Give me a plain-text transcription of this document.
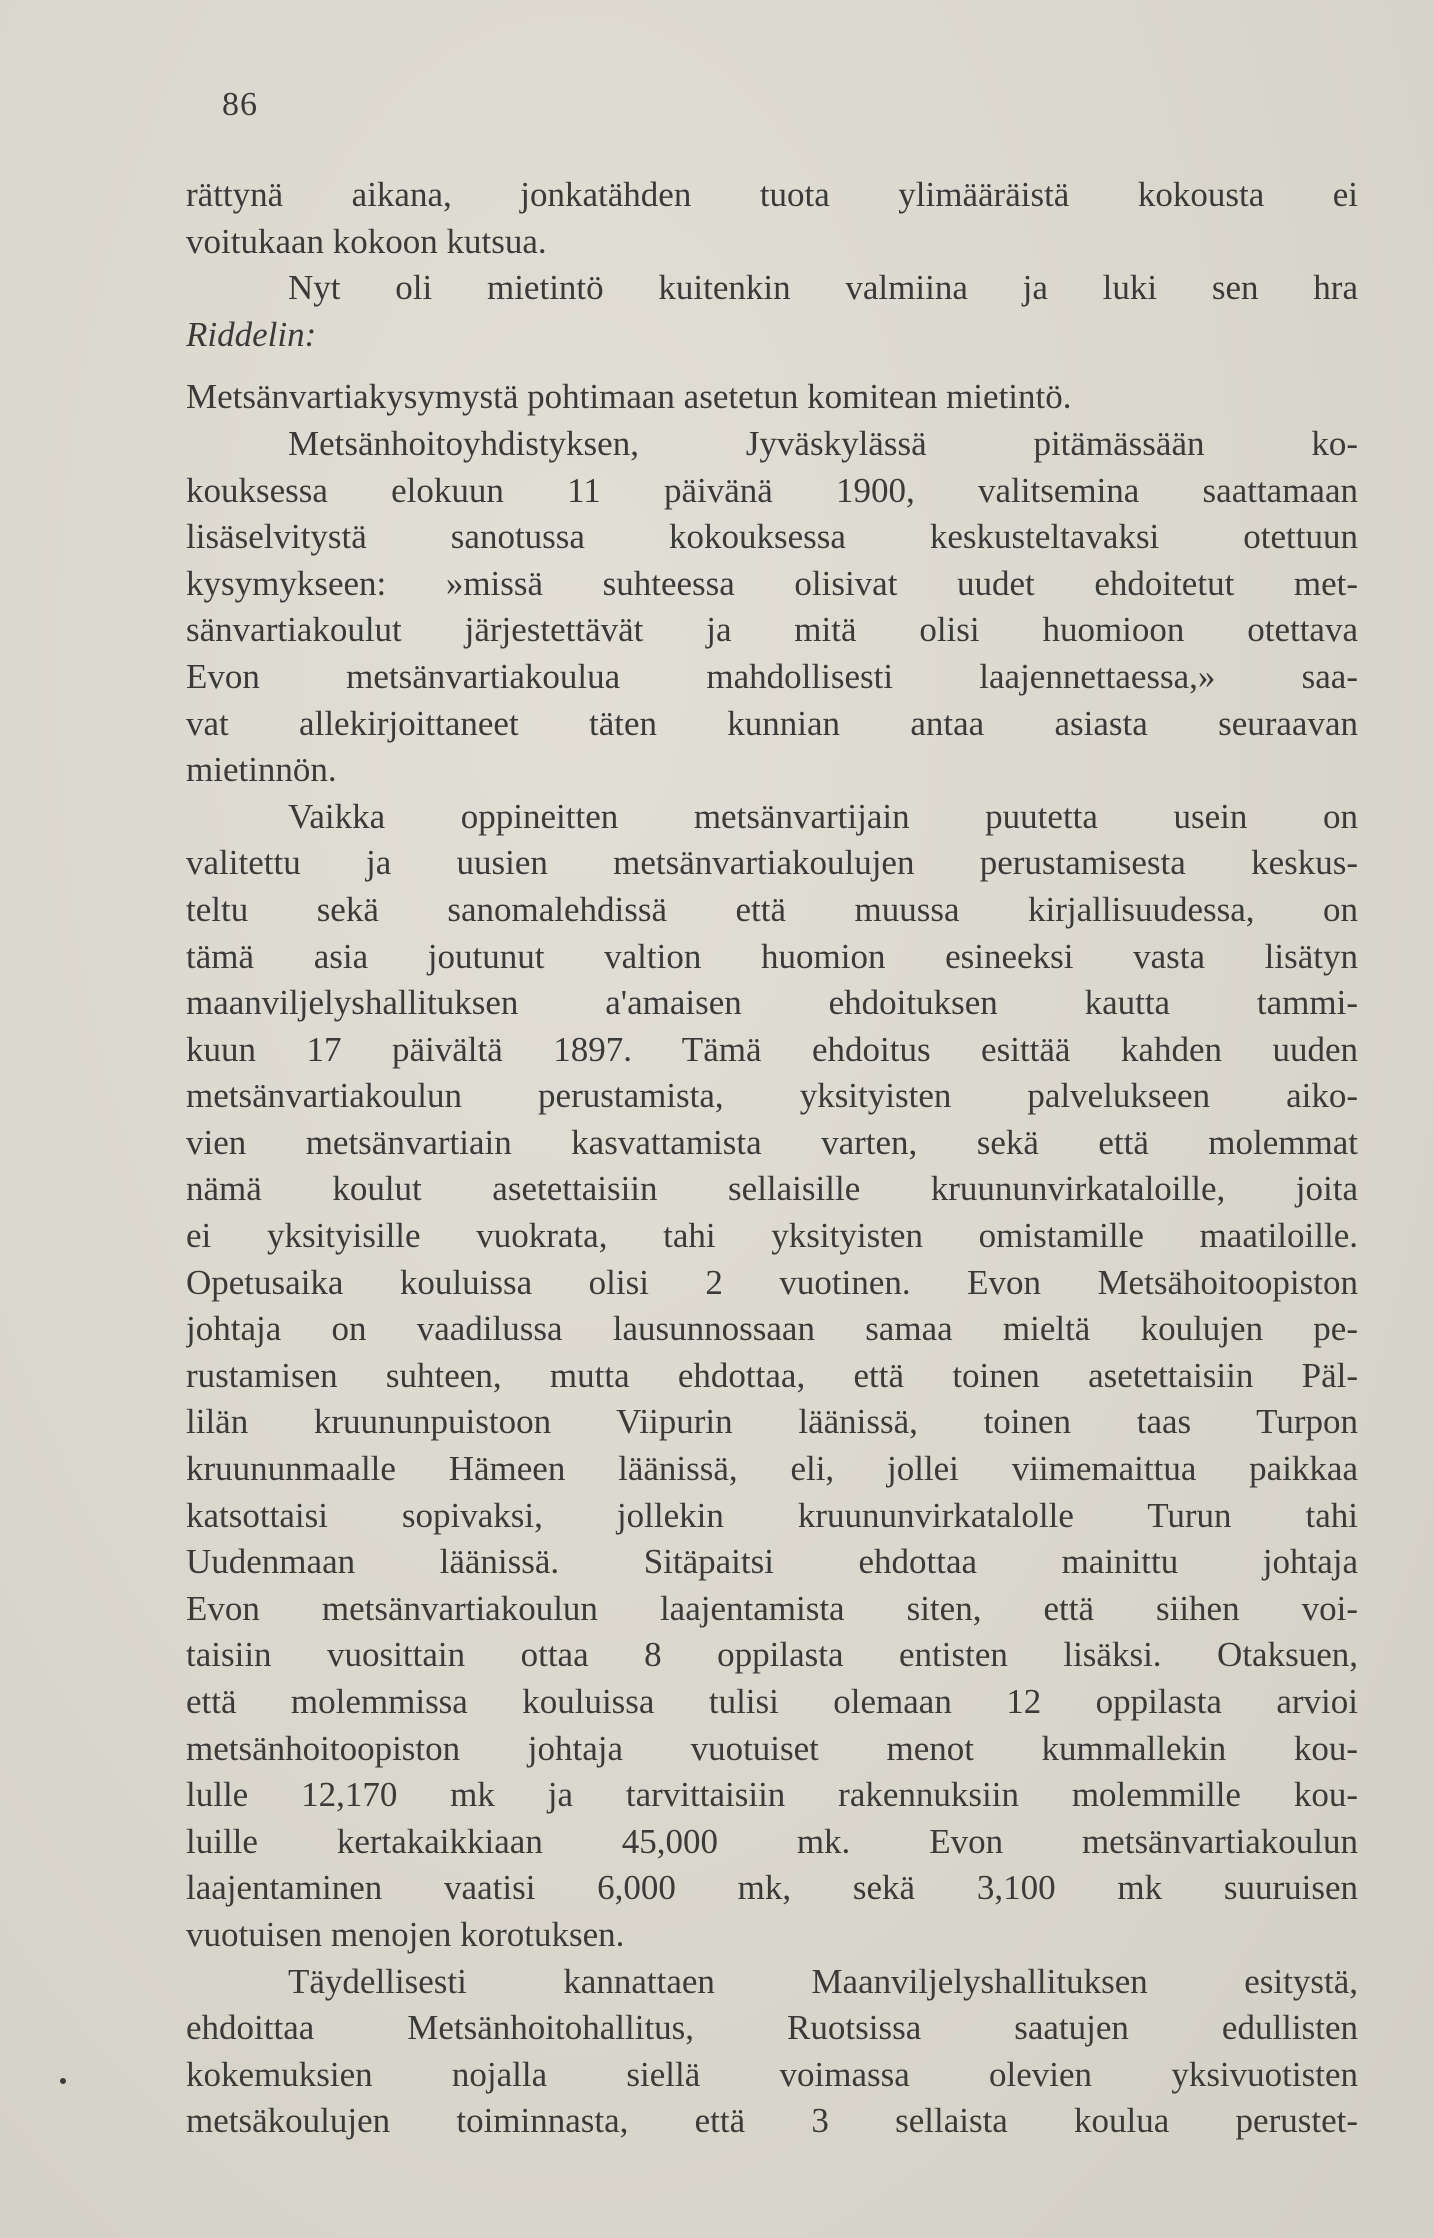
86
rättynä aikana, jonkatähden tuota ylimääräistä kokousta ei
voitukaan kokoon kutsua.
Nyt oli mietintö kuitenkin valmiina ja luki sen hra
Riddelin:
Metsänvartiakysymystä pohtimaan asetetun komitean mietintö.
Metsänhoitoyhdistyksen, Jyväskylässä pitämässään ko-
kouksessa elokuun 11 päivänä 1900, valitsemina saattamaan
lisäselvitystä sanotussa kokouksessa keskusteltavaksi otettuun
kysymykseen: »missä suhteessa olisivat uudet ehdoitetut met-
sänvartiakoulut järjestettävät ja mitä olisi huomioon otettava
Evon metsänvartiakoulua mahdollisesti laajennettaessa,» saa-
vat allekirjoittaneet täten kunnian antaa asiasta seuraavan
mietinnön.
Vaikka oppineitten metsänvartijain puutetta usein on
valitettu ja uusien metsänvartiakoulujen perustamisesta keskus-
teltu sekä sanomalehdissä että muussa kirjallisuudessa, on
tämä asia joutunut valtion huomion esineeksi vasta lisätyn
maanviljelyshallituksen a'amaisen ehdoituksen kautta tammi-
kuun 17 päivältä 1897. Tämä ehdoitus esittää kahden uuden
metsänvartiakoulun perustamista, yksityisten palvelukseen aiko-
vien metsänvartiain kasvattamista varten, sekä että molemmat
nämä koulut asetettaisiin sellaisille kruununvirkataloille, joita
ei yksityisille vuokrata, tahi yksityisten omistamille maatiloille.
Opetusaika kouluissa olisi 2 vuotinen. Evon Metsähoitoopiston
johtaja on vaadilussa lausunnossaan samaa mieltä koulujen pe-
rustamisen suhteen, mutta ehdottaa, että toinen asetettaisiin Päl-
lilän kruununpuistoon Viipurin läänissä, toinen taas Turpon
kruununmaalle Hämeen läänissä, eli, jollei viimemaittua paikkaa
katsottaisi sopivaksi, jollekin kruununvirkatalolle Turun tahi
Uudenmaan läänissä. Sitäpaitsi ehdottaa mainittu johtaja
Evon metsänvartiakoulun laajentamista siten, että siihen voi-
taisiin vuosittain ottaa 8 oppilasta entisten lisäksi. Otaksuen,
että molemmissa kouluissa tulisi olemaan 12 oppilasta arvioi
metsänhoitoopiston johtaja vuotuiset menot kummallekin kou-
lulle 12,170 mk ja tarvittaisiin rakennuksiin molemmille kou-
luille kertakaikkiaan 45,000 mk. Evon metsänvartiakoulun
laajentaminen vaatisi 6,000 mk, sekä 3,100 mk suuruisen
vuotuisen menojen korotuksen.
Täydellisesti kannattaen Maanviljelyshallituksen esitystä,
ehdoittaa Metsänhoitohallitus, Ruotsissa saatujen edullisten
kokemuksien nojalla siellä voimassa olevien yksivuotisten
metsäkoulujen toiminnasta, että 3 sellaista koulua perustet-
